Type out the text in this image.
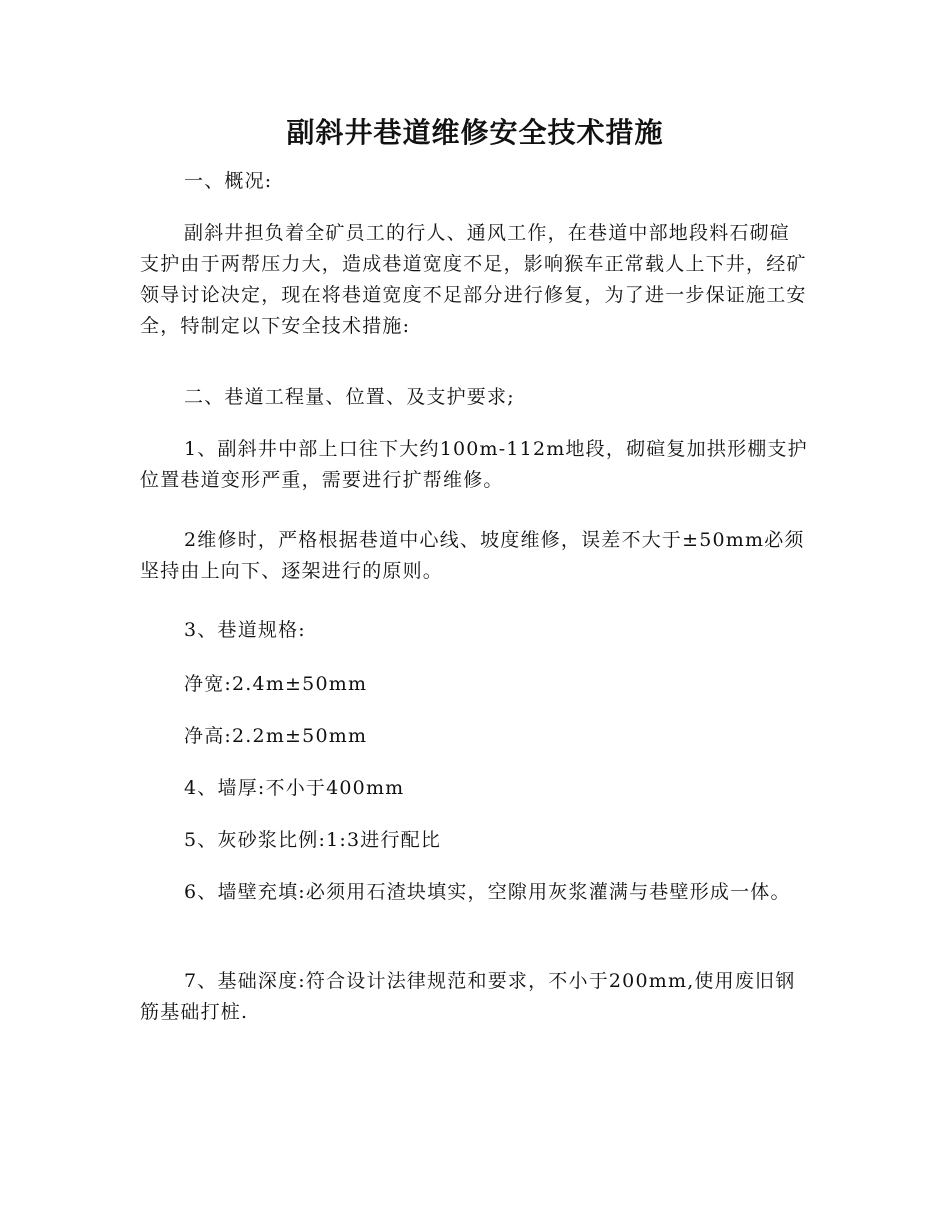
副斜井巷道维修安全技术措施

一、概况:

副斜井担负着全矿员工的行人、通风工作，在巷道中部地段料石砌碹支护由于两帮压力大，造成巷道宽度不足，影响猴车正常载人上下井，经矿领导讨论决定，现在将巷道宽度不足部分进行修复，为了进一步保证施工安全，特制定以下安全技术措施:

二、巷道工程量、位置、及支护要求;

1、副斜井中部上口往下大约100m-112m地段，砌碹复加拱形棚支护位置巷道变形严重，需要进行扩帮维修。

2维修时，严格根据巷道中心线、坡度维修，误差不大于±50mm必须坚持由上向下、逐架进行的原则。

3、巷道规格:

净宽:2.4m±50mm

净高:2.2m±50mm

4、墙厚:不小于400mm

5、灰砂浆比例:1:3进行配比

6、墙壁充填:必须用石渣块填实，空隙用灰浆灌满与巷壁形成一体。

7、基础深度:符合设计法律规范和要求，不小于200mm,使用废旧钢筋基础打桩.
